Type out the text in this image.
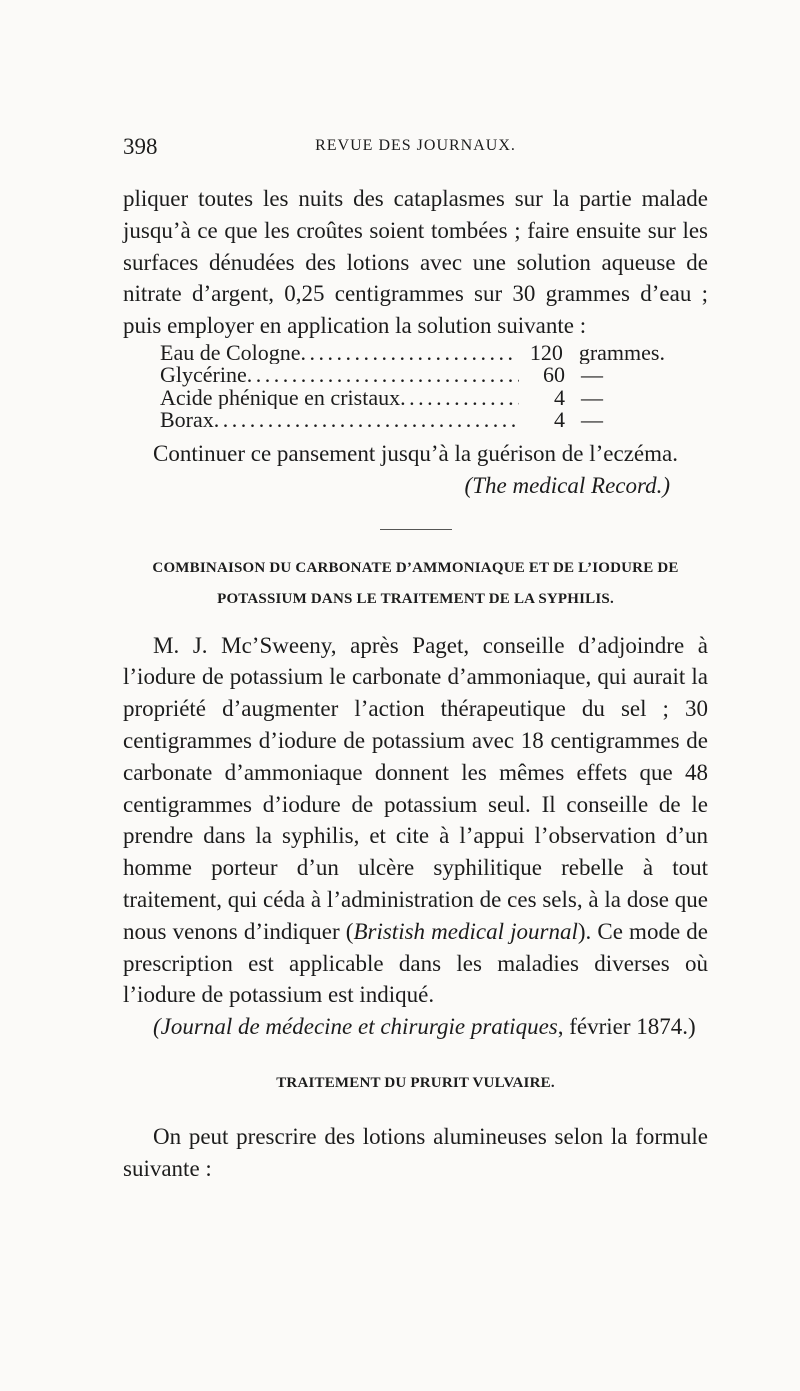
398	REVUE DES JOURNAUX.

pliquer toutes les nuits des cataplasmes sur la partie malade jusqu’à ce que les croûtes soient tombées ; faire ensuite sur les surfaces dénudées des lotions avec une solution aqueuse de nitrate d’argent, 0,25 centigrammes sur 30 grammes d’eau ; puis employer en application la solution suivante :

Eau de Cologne . . .	120 grammes.
Glycérine . . .	60 —
Acide phénique en cristaux . . .	4 —
Borax . . .	4 —

Continuer ce pansement jusqu’à la guérison de l’eczéma.

(The medical Record.)

COMBINAISON DU CARBONATE D’AMMONIAQUE ET DE L’IODURE DE
POTASSIUM DANS LE TRAITEMENT DE LA SYPHILIS.

M. J. Mc’Sweeny, après Paget, conseille d’adjoindre à l’iodure de potassium le carbonate d’ammoniaque, qui aurait la propriété d’augmenter l’action thérapeutique du sel ; 30 centigrammes d’iodure de potassium avec 18 centigrammes de carbonate d’ammoniaque donnent les mêmes effets que 48 centigrammes d’iodure de potassium seul. Il conseille de le prendre dans la syphilis, et cite à l’appui l’observation d’un homme porteur d’un ulcère syphilitique rebelle à tout traitement, qui céda à l’administration de ces sels, à la dose que nous venons d’indiquer (Bristish medical journal). Ce mode de prescription est applicable dans les maladies diverses où l’iodure de potassium est indiqué.

(Journal de médecine et chirurgie pratiques, février 1874.)

TRAITEMENT DU PRURIT VULVAIRE.

On peut prescrire des lotions alumineuses selon la formule suivante :
